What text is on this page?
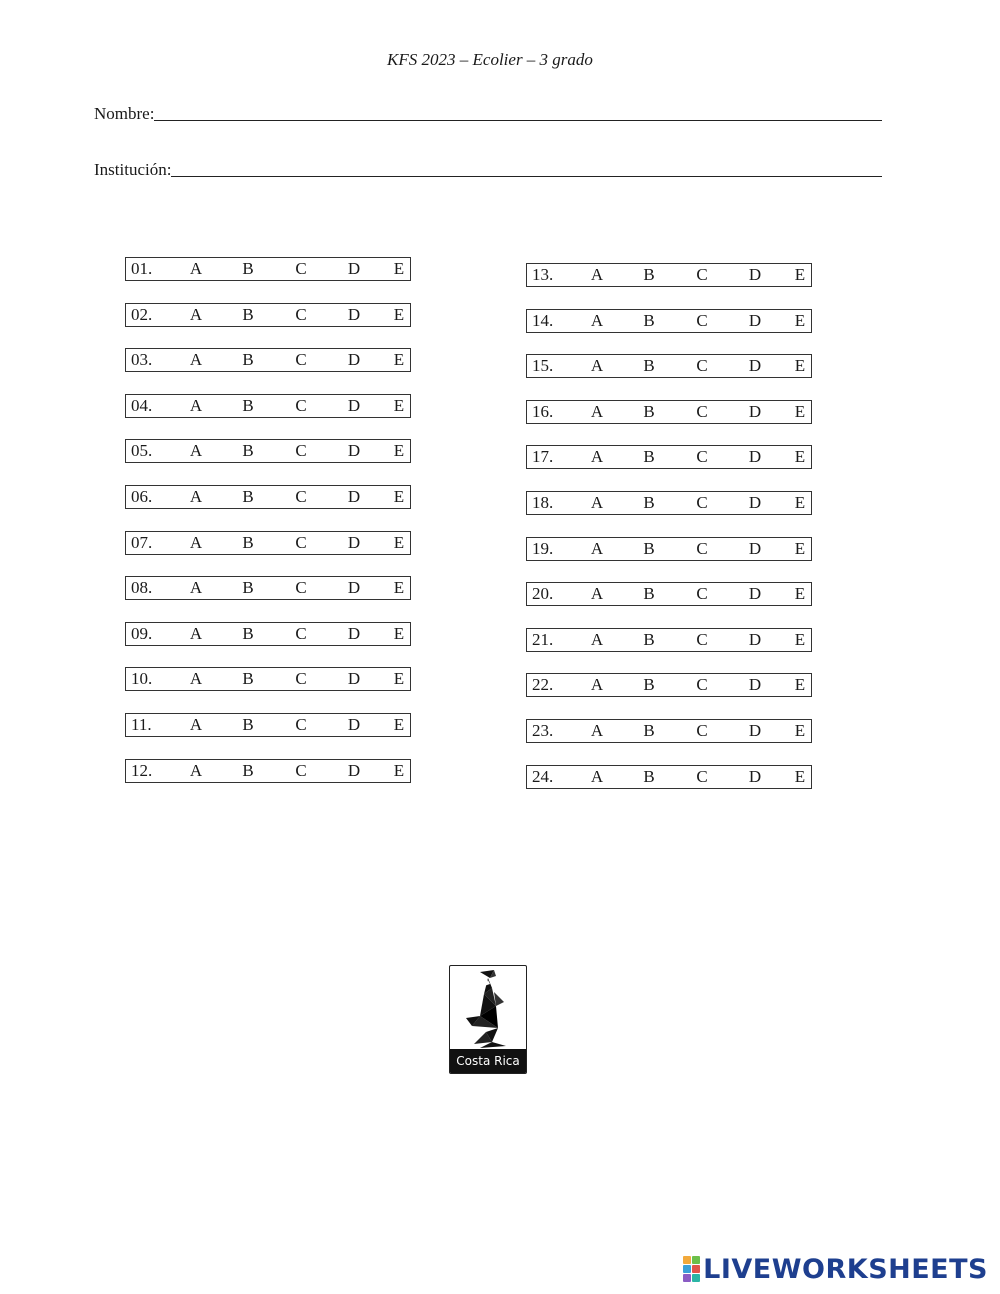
KFS 2023 – Ecolier – 3 grado
Nombre:
Institución:
01.	A	B	C	D	E
02.	A	B	C	D	E
03.	A	B	C	D	E
04.	A	B	C	D	E
05.	A	B	C	D	E
06.	A	B	C	D	E
07.	A	B	C	D	E
08.	A	B	C	D	E
09.	A	B	C	D	E
10.	A	B	C	D	E
11.	A	B	C	D	E
12.	A	B	C	D	E
13.	A	B	C	D	E
14.	A	B	C	D	E
15.	A	B	C	D	E
16.	A	B	C	D	E
17.	A	B	C	D	E
18.	A	B	C	D	E
19.	A	B	C	D	E
20.	A	B	C	D	E
21.	A	B	C	D	E
22.	A	B	C	D	E
23.	A	B	C	D	E
24.	A	B	C	D	E
Costa Rica
LIVEWORKSHEETS
